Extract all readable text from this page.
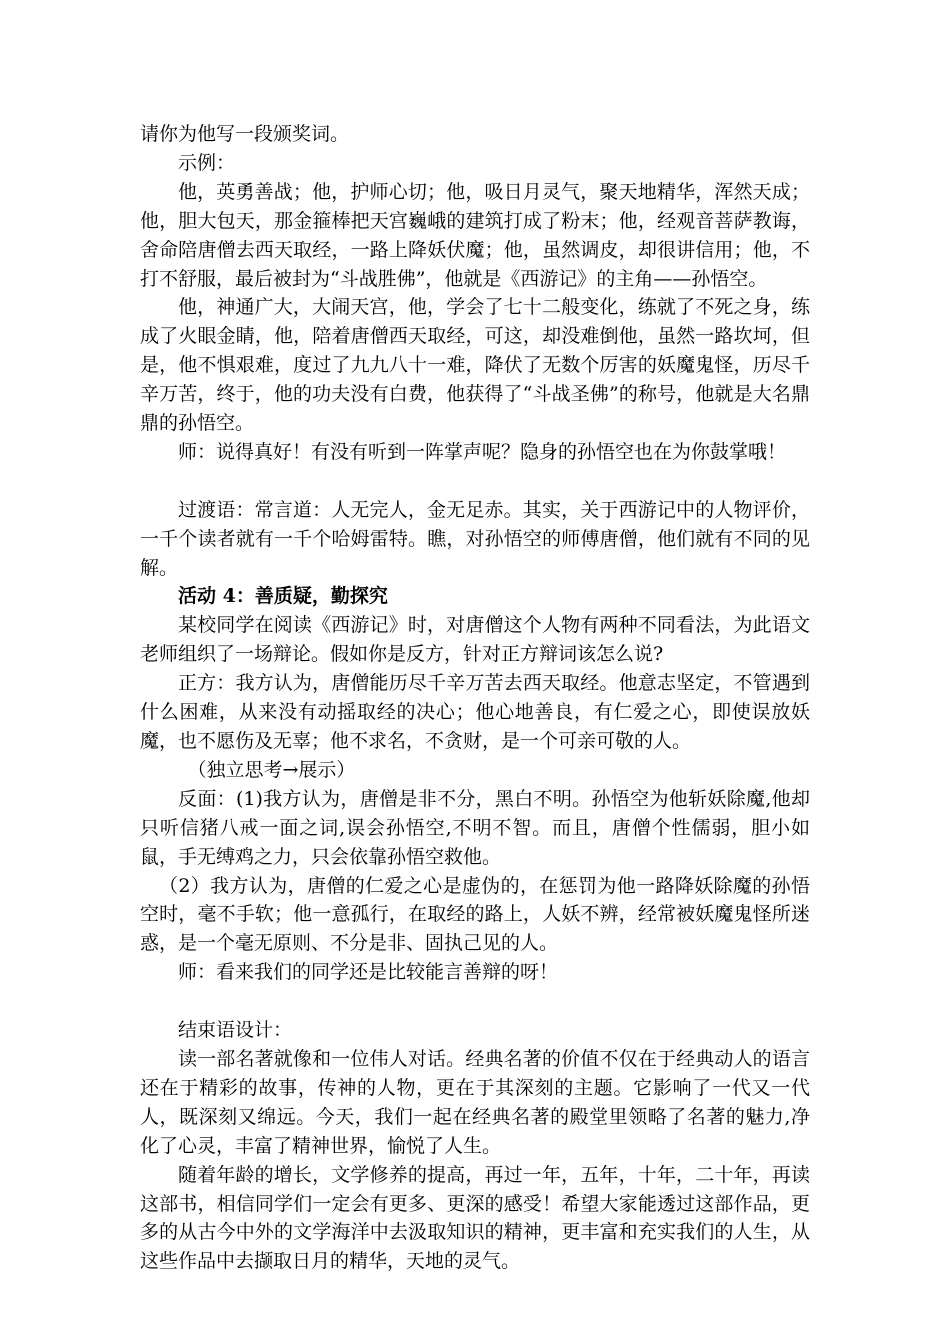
请你为他写一段颁奖词。

示例：

他，英勇善战；他，护师心切；他，吸日月灵气，聚天地精华，浑然天成；他，胆大包天，那金箍棒把天宫巍峨的建筑打成了粉末；他，经观音菩萨教诲，舍命陪唐僧去西天取经，一路上降妖伏魔；他，虽然调皮，却很讲信用；他，不打不舒服，最后被封为“斗战胜佛”，他就是《西游记》的主角——孙悟空。

他，神通广大，大闹天宫，他，学会了七十二般变化，练就了不死之身，练成了火眼金睛，他，陪着唐僧西天取经，可这，却没难倒他，虽然一路坎坷，但是，他不惧艰难，度过了九九八十一难，降伏了无数个厉害的妖魔鬼怪，历尽千辛万苦，终于，他的功夫没有白费，他获得了“斗战圣佛”的称号，他就是大名鼎鼎的孙悟空。

师：说得真好！有没有听到一阵掌声呢？隐身的孙悟空也在为你鼓掌哦！

过渡语：常言道：人无完人，金无足赤。其实，关于西游记中的人物评价，一千个读者就有一千个哈姆雷特。瞧，对孙悟空的师傅唐僧，他们就有不同的见解。

活动 4：善质疑，勤探究

某校同学在阅读《西游记》时，对唐僧这个人物有两种不同看法，为此语文老师组织了一场辩论。假如你是反方，针对正方辩词该怎么说?

正方：我方认为，唐僧能历尽千辛万苦去西天取经。他意志坚定，不管遇到什么困难，从来没有动摇取经的决心；他心地善良，有仁爱之心，即使误放妖魔，也不愿伤及无辜；他不求名，不贪财，是一个可亲可敬的人。

（独立思考→展示）

反面：(1)我方认为，唐僧是非不分，黑白不明。孙悟空为他斩妖除魔,他却只听信猪八戒一面之词,误会孙悟空,不明不智。而且，唐僧个性儒弱，胆小如鼠，手无缚鸡之力，只会依靠孙悟空救他。

（2）我方认为，唐僧的仁爱之心是虚伪的，在惩罚为他一路降妖除魔的孙悟空时，毫不手软；他一意孤行，在取经的路上，人妖不辨，经常被妖魔鬼怪所迷惑，是一个毫无原则、不分是非、固执己见的人。

师：看来我们的同学还是比较能言善辩的呀！

结束语设计：

读一部名著就像和一位伟人对话。经典名著的价值不仅在于经典动人的语言还在于精彩的故事，传神的人物，更在于其深刻的主题。它影响了一代又一代人，既深刻又绵远。今天，我们一起在经典名著的殿堂里领略了名著的魅力,净化了心灵，丰富了精神世界，愉悦了人生。

随着年龄的增长，文学修养的提高，再过一年，五年，十年，二十年，再读这部书，相信同学们一定会有更多、更深的感受！希望大家能透过这部作品，更多的从古今中外的文学海洋中去汲取知识的精神，更丰富和充实我们的人生，从这些作品中去撷取日月的精华，天地的灵气。
